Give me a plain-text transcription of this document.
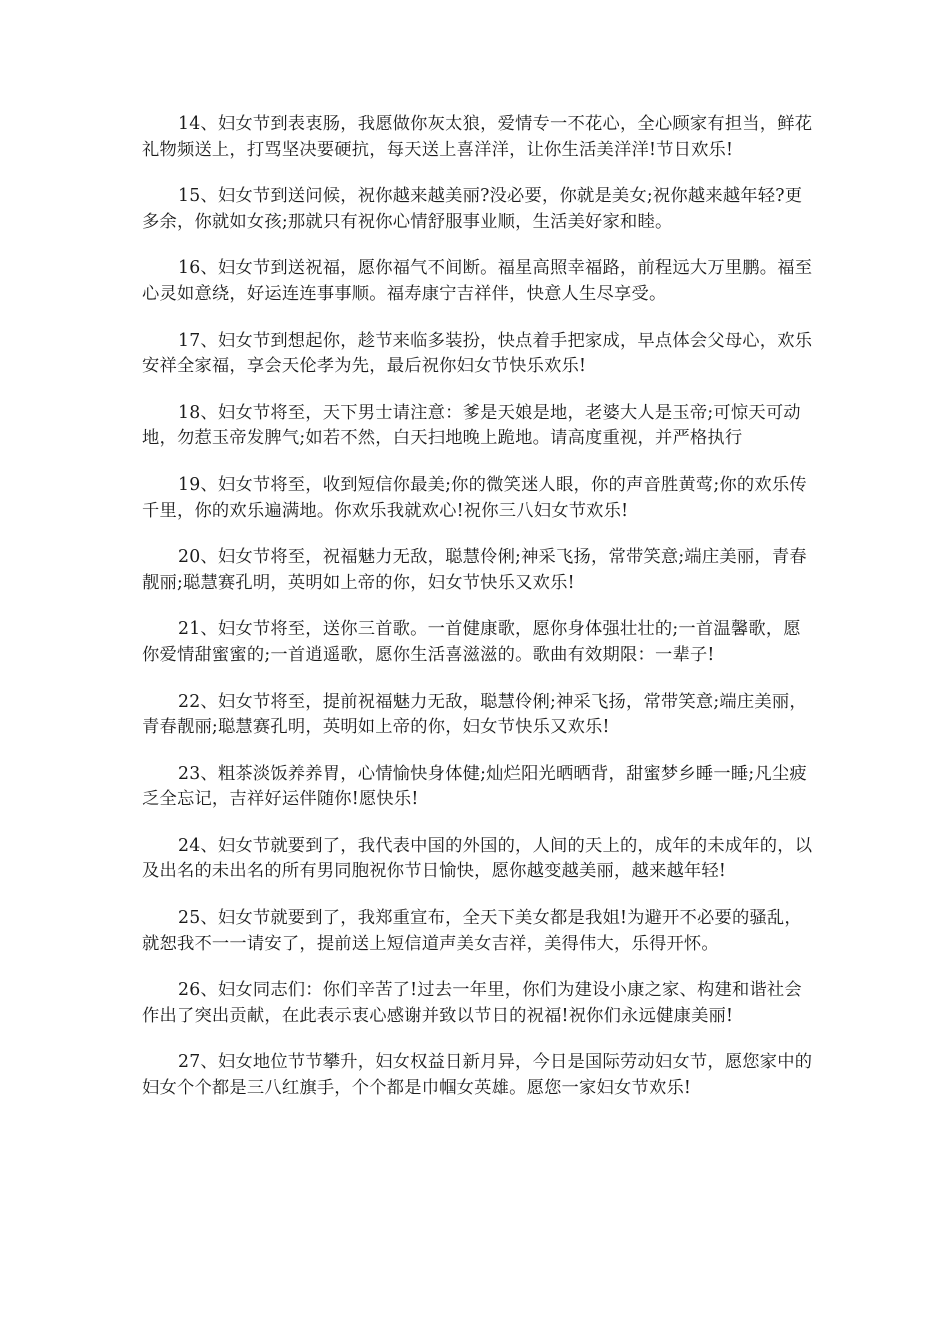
14、妇女节到表衷肠，我愿做你灰太狼，爱情专一不花心，全心顾家有担当，鲜花礼物频送上，打骂坚决要硬抗，每天送上喜洋洋，让你生活美洋洋!节日欢乐!

15、妇女节到送问候，祝你越来越美丽?没必要，你就是美女;祝你越来越年轻?更多余，你就如女孩;那就只有祝你心情舒服事业顺，生活美好家和睦。

16、妇女节到送祝福，愿你福气不间断。福星高照幸福路，前程远大万里鹏。福至心灵如意绕，好运连连事事顺。福寿康宁吉祥伴，快意人生尽享受。

17、妇女节到想起你，趁节来临多装扮，快点着手把家成，早点体会父母心，欢乐安祥全家福，享会天伦孝为先，最后祝你妇女节快乐欢乐!

18、妇女节将至，天下男士请注意：爹是天娘是地，老婆大人是玉帝;可惊天可动地，勿惹玉帝发脾气;如若不然，白天扫地晚上跪地。请高度重视，并严格执行

19、妇女节将至，收到短信你最美;你的微笑迷人眼，你的声音胜黄莺;你的欢乐传千里，你的欢乐遍满地。你欢乐我就欢心!祝你三八妇女节欢乐!

20、妇女节将至，祝福魅力无敌，聪慧伶俐;神采飞扬，常带笑意;端庄美丽，青春靓丽;聪慧赛孔明，英明如上帝的你，妇女节快乐又欢乐!

21、妇女节将至，送你三首歌。一首健康歌，愿你身体强壮壮的;一首温馨歌，愿你爱情甜蜜蜜的;一首逍遥歌，愿你生活喜滋滋的。歌曲有效期限：一辈子!

22、妇女节将至，提前祝福魅力无敌，聪慧伶俐;神采飞扬，常带笑意;端庄美丽，青春靓丽;聪慧赛孔明，英明如上帝的你，妇女节快乐又欢乐!

23、粗茶淡饭养养胃，心情愉快身体健;灿烂阳光晒晒背，甜蜜梦乡睡一睡;凡尘疲乏全忘记，吉祥好运伴随你!愿快乐!

24、妇女节就要到了，我代表中国的外国的，人间的天上的，成年的未成年的，以及出名的未出名的所有男同胞祝你节日愉快，愿你越变越美丽，越来越年轻!

25、妇女节就要到了，我郑重宣布，全天下美女都是我姐!为避开不必要的骚乱，就恕我不一一请安了，提前送上短信道声美女吉祥，美得伟大，乐得开怀。

26、妇女同志们：你们辛苦了!过去一年里，你们为建设小康之家、构建和谐社会作出了突出贡献，在此表示衷心感谢并致以节日的祝福!祝你们永远健康美丽!

27、妇女地位节节攀升，妇女权益日新月异，今日是国际劳动妇女节，愿您家中的妇女个个都是三八红旗手，个个都是巾帼女英雄。愿您一家妇女节欢乐!
